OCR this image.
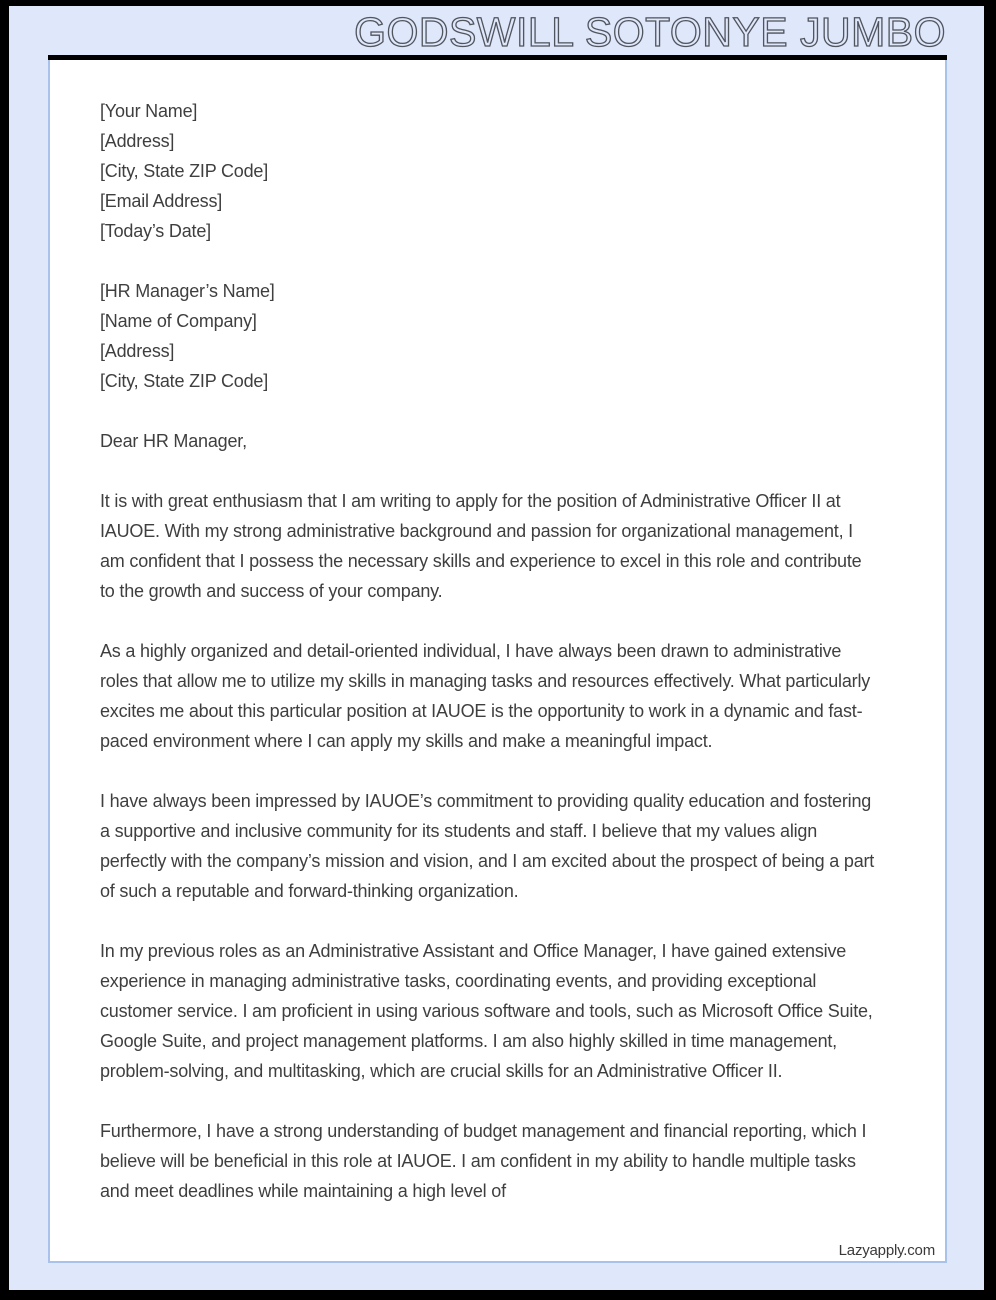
GODSWILL SOTONYE JUMBO
[Your Name]
[Address]
[City, State ZIP Code]
[Email Address]
[Today’s Date]
[HR Manager’s Name]
[Name of Company]
[Address]
[City, State ZIP Code]
Dear HR Manager,

It is with great enthusiasm that I am writing to apply for the position of Administrative Officer II at IAUOE. With my strong administrative background and passion for organizational management, I am confident that I possess the necessary skills and experience to excel in this role and contribute to the growth and success of your company.

As a highly organized and detail-oriented individual, I have always been drawn to administrative roles that allow me to utilize my skills in managing tasks and resources effectively. What particularly excites me about this particular position at IAUOE is the opportunity to work in a dynamic and fast-paced environment where I can apply my skills and make a meaningful impact.

I have always been impressed by IAUOE’s commitment to providing quality education and fostering a supportive and inclusive community for its students and staff. I believe that my values align perfectly with the company’s mission and vision, and I am excited about the prospect of being a part of such a reputable and forward-thinking organization.

In my previous roles as an Administrative Assistant and Office Manager, I have gained extensive experience in managing administrative tasks, coordinating events, and providing exceptional customer service. I am proficient in using various software and tools, such as Microsoft Office Suite, Google Suite, and project management platforms. I am also highly skilled in time management, problem-solving, and multitasking, which are crucial skills for an Administrative Officer II.

Furthermore, I have a strong understanding of budget management and financial reporting, which I believe will be beneficial in this role at IAUOE. I am confident in my ability to handle multiple tasks and meet deadlines while maintaining a high level of

Lazyapply.com
